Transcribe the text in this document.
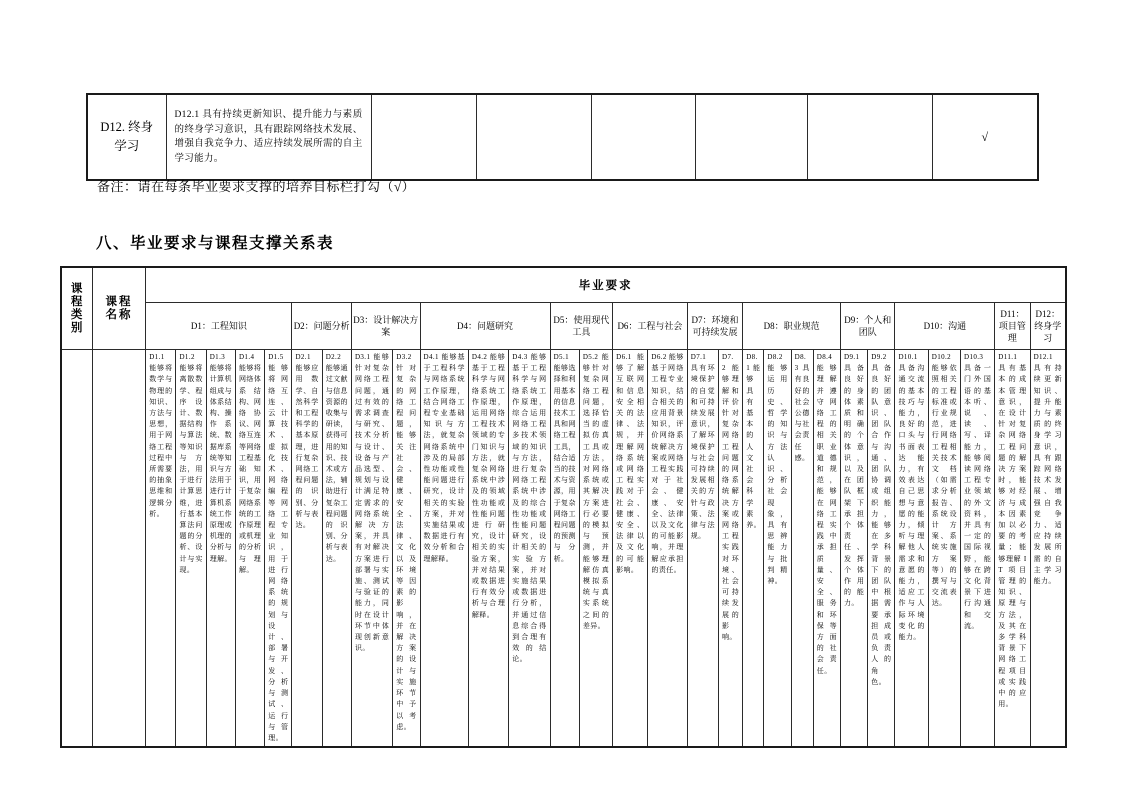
D12. 终身学习	D12.1 具有持续更新知识、提升能力与素质的终身学习意识，具有跟踪网络技术发展、增强自我竞争力、适应持续发展所需的自主学习能力。						√
备注：请在每条毕业要求支撑的培养目标栏打勾（√）
八、毕业要求与课程支撑关系表
课程类别	课程名称	毕业要求																												
		D1：工程知识					D2：问题分析		D3：设计解决方案		D4：问题研究			D5：使用现代工具		D6：工程与社会		D7：环境和可持续发展		D8：职业规范				D9：个人和团队		D10：沟通			D11：项目管理	D12：终身学习
		D1.1能够将数学与物理的知识、方法与思想，用于网络工程过程中所需要的抽象思维和逻辑分析。	D1.2能够将离散数学、程序设计、数据结构与算法等知识与方法，用于进行计算思维，进行基本算法问题的分析、设计与实现。	D1.3能够将计算机组成与体系结构、操作系统、数据库系统等知识与方法用于进行计算机系统工作原理或机理的分析与理解。	D1.4能够将网络体系结构、网络协议、网络互连等网络工程基础知识，用于复杂网络系统的工作原理或机理的分析与理解。	D1.5能够将网络互连、云计算技术、虚拟化技术、网络编程等网络工程专业知识，用于进行网络系统的规划与设计、部署与开发、分析与测试、运行与管理。	D2.1能够应用数学、自然科学和工程科学的基本原理，进行复杂网络工程问题的识别、分析与表达。	D2.2能够通过文献与信息资源的收集与研读，获得可用的知识、技术或方法，辅助进行复杂工程问题的识别、分析与表达。	D3.1 能够针对复杂网络工程问题，通过有效的需求调查与研究、技术分析与设计、设备与产品选型、规划与设计满足特定需求的网络系统解决方案，并具有对解决方案进行部署与实施、测试与验证的能力，同时在设计环节中体现创新意识。	D3.2针对复杂的网络工程问题，能够关注社会、健康、安全、法律、文化以及环境等因素的影响，并在解决方案的设计与实施环节中予以考虑。	D4.1 能够基于工程科学与网络系统工作原理，结合网络工程专业基础知识与方法，就复杂网络系统中涉及的局部性功能或性能问题进行研究，设计相关的实验方案，并对实施结果或数据进行有效分析和合理解释。	D4.2 能够基于工程科学与网络系统工作原理，运用网络工程技术领域的专门知识与方法，就复杂网络系统中涉及的领域性功能或性能问题进行研究，设计相关的实验方案，并对结果或数据进行有效分析与合理解释。	D4.3 能够基于工程科学与网络系统工作原理，综合运用网络工程多技术领域的知识与方法，进行复杂网络工程系统中涉及的综合性功能或性能问题研究，设计相关的实验方案，并对实施结果或数据进行分析，并通过信息综合得到合理有效的结论。	D5.1能够选择和利用基本的信息技术工具和网络工程工具，结合适当的技术与资源，用于复杂网络工程问题的预测与分析。	D5.2 能够针对复杂网络工程问题，选择恰当的虚拟仿真工具或方法，对网络系统或其解决方案进行必要的模拟与预测，并能够理解仿真模拟系统与真实系统之间的差异。	D6.1 能够了解互联网和信息安全相关的法律、法规，并理解网络系统或网络工程实践对于社会、健康、安全、法律以及文化的可能影响。	D6.2 能够基于网络工程专业知识，结合相关的应用背景知识，评价网络系统解决方案或网络工程实践对于社会、健康、安全、法律以及文化的可能影响，并理解应承担的责任。	D7.1具有环境保护的自觉和可持续发展意识，了解环境保护与社会可持续发展相关的方针与政策、法律与法规。	D7.2 能够理解和评价针对复杂网络工程问题的网络系统解决方案或网络工程实践对环境、社会可持续发展的影响。	D8.1 能够具有基本的人文社会科学素养。	D8.2能够运用历史、哲学的知识与方法认识、分析社会现象，具有思辨能力与批判精神。	D8.3 具有良好的社会公德与社会责任感。	D8.4能够理解并遵守网络工程的相关职业道德和规范，能够在网络工程实践中承担质量、安全、服务和环保等方面的社会责任。	D9.1具备良好的身体素质和明确的个体意识，以及在团队框架下承担个体责任、发挥个体作用的能力。	D9.2具备良好的团队意识、团队合作与沟通、团队协调或组织能力，能够在多学科背景下的团队中根据需要承担成员或负责人的角色。	D10.1具备沟通交流的基本技巧与能力，良好的口头与书面表达能力，有效表达自己思想与意愿的能力，倾听与理解他人需求和意愿的能力，适应工作与人际环境变化的能力。	D10.2能够依照相关的工程标准或行业规范，进行网络工程相关技术文档（如需求分析报告、系统设计方案、系统实施方案等）的撰写与交流表达。	D10.3具备一门外国语的基本听、说、读、写、译能力，能够阅读网络工程专业领域的外文资料，并具有一定的国际视野，能够在跨文化背景下进行沟通和交流。	D11.1具有基本的成本管理意识，在设计针对复杂网络工程问题的解决方案时，能够对经济与成本因素加以必要的考量；能够理解 IT 项目管理的知识、原理与方法，及其在多学科背景下网络工程项目或实践中的应用。	D12.1具有持续更新知识、提升能力与素质的终身学习意识，具有跟踪网络技术发展、增强自我竞争力、适应持续发展所需的自主学习能力。
